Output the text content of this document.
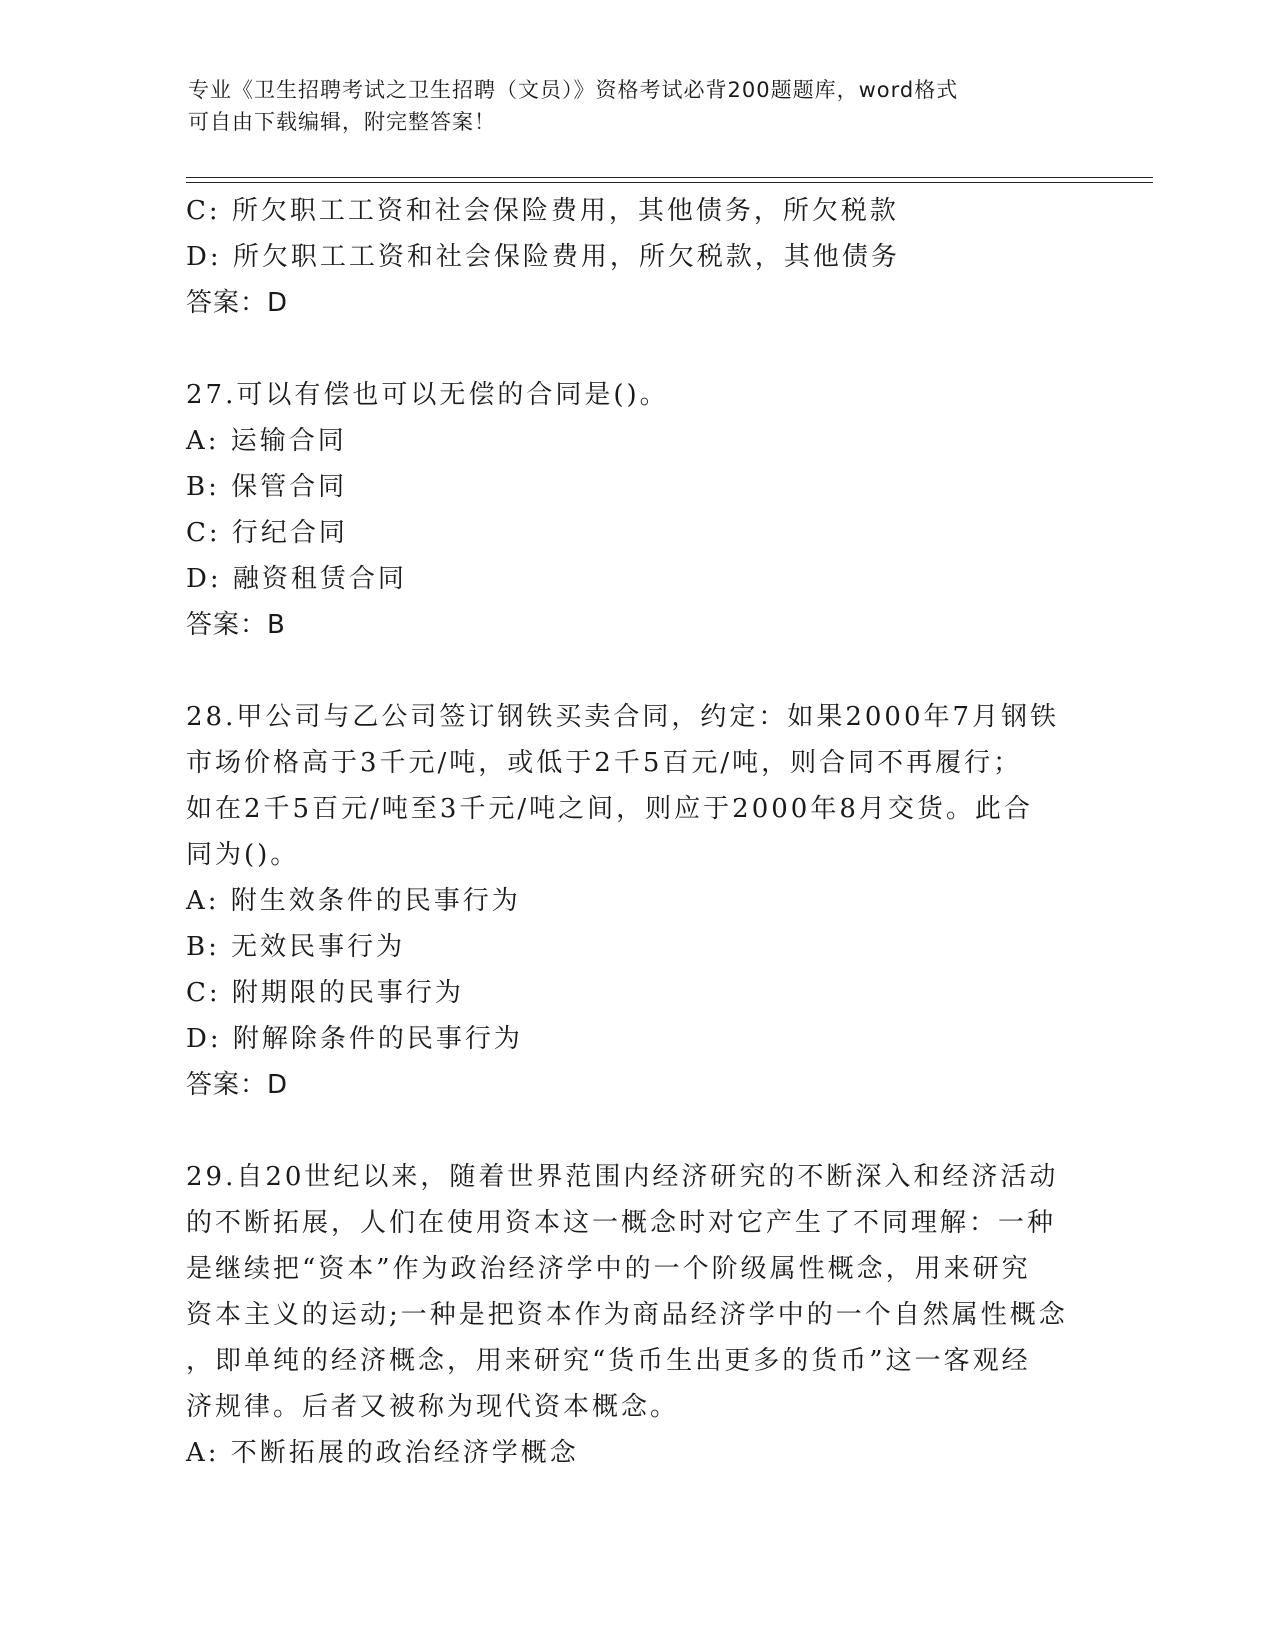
专业《卫生招聘考试之卫生招聘（文员）》资格考试必背200题题库，word格式
可自由下载编辑，附完整答案！
C: 所欠职工工资和社会保险费用，其他债务，所欠税款
D: 所欠职工工资和社会保险费用，所欠税款，其他债务
答案：D
27.可以有偿也可以无偿的合同是()。
A: 运输合同
B: 保管合同
C: 行纪合同
D: 融资租赁合同
答案：B
28.甲公司与乙公司签订钢铁买卖合同，约定：如果2000年7月钢铁
市场价格高于3千元/吨，或低于2千5百元/吨，则合同不再履行；
如在2千5百元/吨至3千元/吨之间，则应于2000年8月交货。此合
同为()。
A: 附生效条件的民事行为
B: 无效民事行为
C: 附期限的民事行为
D: 附解除条件的民事行为
答案：D
29.自20世纪以来，随着世界范围内经济研究的不断深入和经济活动
的不断拓展，人们在使用资本这一概念时对它产生了不同理解：一种
是继续把“资本”作为政治经济学中的一个阶级属性概念，用来研究
资本主义的运动;一种是把资本作为商品经济学中的一个自然属性概念
，即单纯的经济概念，用来研究“货币生出更多的货币”这一客观经
济规律。后者又被称为现代资本概念。
A: 不断拓展的政治经济学概念
